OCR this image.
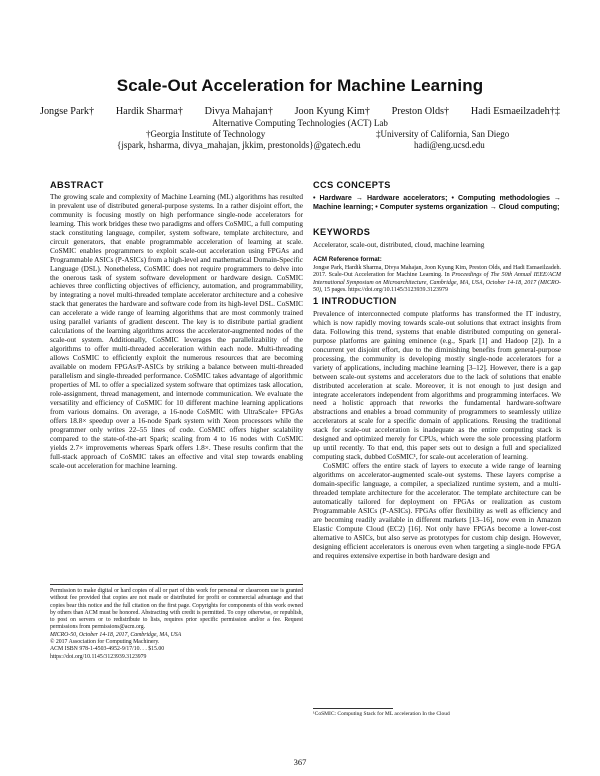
Scale-Out Acceleration for Machine Learning
Jongse Park† Hardik Sharma† Divya Mahajan† Joon Kyung Kim† Preston Olds† Hadi Esmaeilzadeh†‡
Alternative Computing Technologies (ACT) Lab
†Georgia Institute of Technology	‡University of California, San Diego
{jspark, hsharma, divya_mahajan, jkkim, prestonolds}@gatech.edu	hadi@eng.ucsd.edu
ABSTRACT

The growing scale and complexity of Machine Learning (ML) algorithms has resulted in prevalent use of distributed general-purpose systems. In a rather disjoint effort, the community is focusing mostly on high performance single-node accelerators for learning. This work bridges these two paradigms and offers CoSMIC, a full computing stack constituting language, compiler, system software, template architecture, and circuit generators, that enable programmable acceleration of learning at scale. CoSMIC enables programmers to exploit scale-out acceleration using FPGAs and Programmable ASICs (P-ASICs) from a high-level and mathematical Domain-Specific Language (DSL). Nonetheless, CoSMIC does not require programmers to delve into the onerous task of system software development or hardware design. CoSMIC achieves three conflicting objectives of efficiency, automation, and programmability, by integrating a novel multi-threaded template accelerator architecture and a cohesive stack that generates the hardware and software code from its high-level DSL. CoSMIC can accelerate a wide range of learning algorithms that are most commonly trained using parallel variants of gradient descent. The key is to distribute partial gradient calculations of the learning algorithms across the accelerator-augmented nodes of the scale-out system. Additionally, CoSMIC leverages the parallelizability of the algorithms to offer multi-threaded acceleration within each node. Multi-threading allows CoSMIC to efficiently exploit the numerous resources that are becoming available on modern FPGAs/P-ASICs by striking a balance between multi-threaded parallelism and single-threaded performance. CoSMIC takes advantage of algorithmic properties of ML to offer a specialized system software that optimizes task allocation, role-assignment, thread management, and internode communication. We evaluate the versatility and efficiency of CoSMIC for 10 different machine learning applications from various domains. On average, a 16-node CoSMIC with UltraScale+ FPGAs offers 18.8× speedup over a 16-node Spark system with Xeon processors while the programmer only writes 22–55 lines of code. CoSMIC offers higher scalability compared to the state-of-the-art Spark; scaling from 4 to 16 nodes with CoSMIC yields 2.7× improvements whereas Spark offers 1.8×. These results confirm that the full-stack approach of CoSMIC takes an effective and vital step towards enabling scale-out acceleration for machine learning.

Permission to make digital or hard copies of all or part of this work for personal or classroom use is granted without fee provided that copies are not made or distributed for profit or commercial advantage and that copies bear this notice and the full citation on the first page. Copyrights for components of this work owned by others than ACM must be honored. Abstracting with credit is permitted. To copy otherwise, or republish, to post on servers or to redistribute to lists, requires prior specific permission and/or a fee. Request permissions from permissions@acm.org.

MICRO-50, October 14-18, 2017, Cambridge, MA, USA

© 2017 Association for Computing Machinery.

ACM ISBN 978-1-4503-4952-9/17/10. . . $15.00

https://doi.org/10.1145/3123939.3123979

CCS CONCEPTS

• Hardware → Hardware accelerators; • Computing methodologies → Machine learning; • Computer systems organization → Cloud computing;

KEYWORDS

Accelerator, scale-out, distributed, cloud, machine learning

ACM Reference format:

Jongse Park, Hardik Sharma, Divya Mahajan, Joon Kyung Kim, Preston Olds, and Hadi Esmaeilzadeh. 2017. Scale-Out Acceleration for Machine Learning. In Proceedings of The 50th Annual IEEE/ACM International Symposium on Microarchitecture, Cambridge, MA, USA, October 14-18, 2017 (MICRO-50), 15 pages. https://doi.org/10.1145/3123939.3123979

1 INTRODUCTION

Prevalence of interconnected compute platforms has transformed the IT industry, which is now rapidly moving towards scale-out solutions that extract insights from data. Following this trend, systems that enable distributed computing on general-purpose platforms are gaining eminence (e.g., Spark [1] and Hadoop [2]). In a concurrent yet disjoint effort, due to the diminishing benefits from general-purpose processing, the community is developing mostly single-node accelerators for a variety of applications, including machine learning [3–12]. However, there is a gap between scale-out systems and accelerators due to the lack of solutions that enable distributed acceleration at scale. Moreover, it is not enough to just design and integrate accelerators independent from algorithms and programming interfaces. We need a holistic approach that reworks the fundamental hardware-software abstractions and enables a broad community of programmers to seamlessly utilize accelerators at scale for a specific domain of applications. Reusing the traditional stack for scale-out acceleration is inadequate as the entire computing stack is designed and optimized merely for CPUs, which were the sole processing platform up until recently. To that end, this paper sets out to design a full and specialized computing stack, dubbed CoSMIC¹, for scale-out acceleration of learning.

CoSMIC offers the entire stack of layers to execute a wide range of learning algorithms on accelerator-augmented scale-out systems. These layers comprise a domain-specific language, a compiler, a specialized runtime system, and a multi-threaded template architecture for the accelerator. The template architecture can be automatically tailored for deployment on FPGAs or realization as custom Programmable ASICs (P-ASICs). FPGAs offer flexibility as well as efficiency and are becoming readily available in different markets [13–16], now even in Amazon Elastic Compute Cloud (EC2) [16]. Not only have FPGAs become a lower-cost alternative to ASICs, but also serve as prototypes for custom chip design. However, designing efficient accelerators is onerous even when targeting a single-node FPGA and requires extensive expertise in both hardware design and

¹CoSMIC: Computing Stack for ML acceleration In the Cloud
367
